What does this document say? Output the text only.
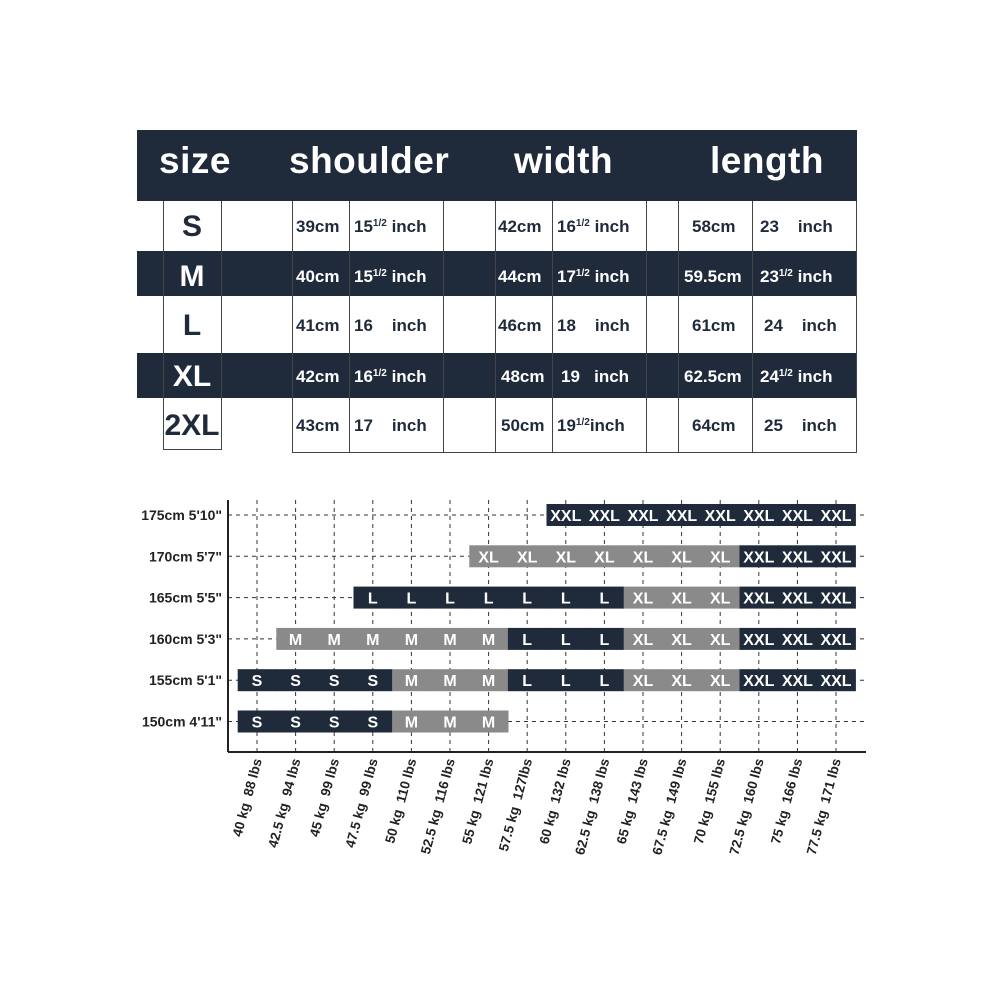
size shoulder width	length
S	39cm $15^{1/2}$ inch	42cm $16^{1/2}$ inch	58cm 23 inch
M	40cm $15^{1/2}$ inch	44cm $17^{1/2}$ inch	59.5cm $23^{1/2}$ inch
L	41cm 16 inch	46cm 18 inch	61cm 24 inch
XL	42cm $16^{1/2}$ inch	48cm 19 inch	62.5cm $24^{1/2}$ inch
2XL	43cm 17 inch	50cm $19^{1/2}inch$	64cm 25 inch
XXL XXL XXL XXL XXL XXL XXL XXL
XL XL XL XL XL XL XL XXL XXL XXL
L L L L L L L XL XL XL XXL XXL XXL
M M M M M M L L L XL XL XL XXL XXL XXL
S S S S M M M L L L XL XL XL XXL XXL XXL
S S S S M M M
175cm 5'10"
170cm 5'7"
165cm 5'5"
160cm 5'3"
155cm 5'1"
150cm 4'11"
40 kg  88 lbs 42.5 kg  94 lbs 45 kg  99 lbs 47.5 kg  99 lbs 50 kg  110 lbs
52.5 kg  116 lbs 55 kg  121 lbs 57.5 kg  127lbs 60 kg  132 lbs
62.5 kg  138 lbs 65 kg  143 lbs
67.5 kg  149 lbs 70 kg  155 lbs
72.5 kg  160 lbs 75 kg  166 lbs
77.5 kg  171 lbs
